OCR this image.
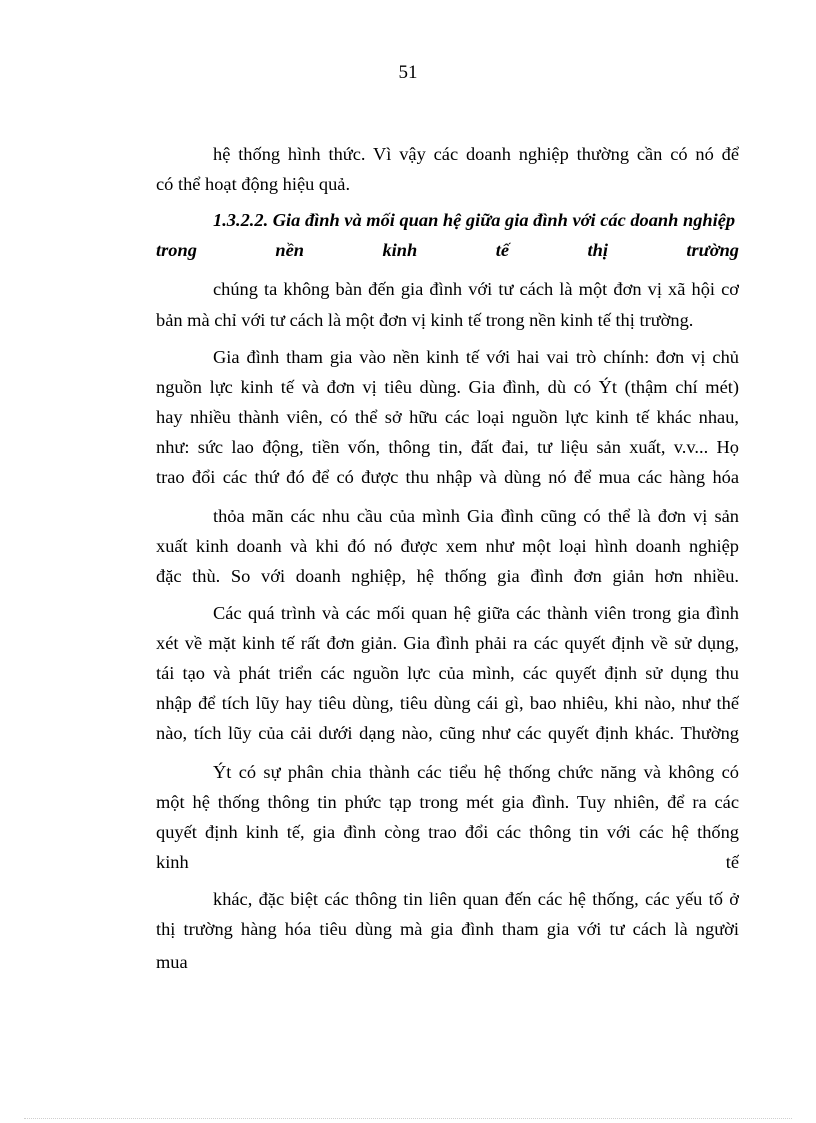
51
hệ thống hình thức. Vì vậy các doanh nghiệp thường cần có nó để
có thể hoạt động hiệu quả.
1.3.2.2. Gia đình và mối quan hệ giữa gia đình với các doanh nghiệp
trong nền kinh tế thị trường
chúng ta không bàn đến gia đình với tư cách là một đơn vị xã hội cơ
bản mà chỉ với tư cách là một đơn vị kinh tế trong nền kinh tế thị trường.
Gia đình tham gia vào nền kinh tế với hai vai trò chính: đơn vị chủ
nguồn lực kinh tế và đơn vị tiêu dùng. Gia đình, dù có Ýt (thậm chí mét)
hay nhiều thành viên, có thể sở hữu các loại nguồn lực kinh tế khác nhau,
như: sức lao động, tiền vốn, thông tin, đất đai, tư liệu sản xuất, v.v... Họ
trao đổi các thứ đó để có được thu nhập và dùng nó để mua các hàng hóa
thỏa mãn các nhu cầu của mình Gia đình cũng có thể là đơn vị sản
xuất kinh doanh và khi đó nó được xem như một loại hình doanh nghiệp
đặc thù. So với doanh nghiệp, hệ thống gia đình đơn giản hơn nhiều.
Các quá trình và các mối quan hệ giữa các thành viên trong gia đình
xét về mặt kinh tế rất đơn giản. Gia đình phải ra các quyết định về sử dụng,
tái tạo và phát triển các nguồn lực của mình, các quyết định sử dụng thu
nhập để tích lũy hay tiêu dùng, tiêu dùng cái gì, bao nhiêu, khi nào, như thế
nào, tích lũy của cải dưới dạng nào, cũng như các quyết định khác. Thường
Ýt có sự phân chia thành các tiểu hệ thống chức năng và không có
một hệ thống thông tin phức tạp trong mét gia đình. Tuy nhiên, để ra các
quyết định kinh tế, gia đình còng trao đổi các thông tin với các hệ thống
kinh tế
khác, đặc biệt các thông tin liên quan đến các hệ thống, các yếu tố ở
thị trường hàng hóa tiêu dùng mà gia đình tham gia với tư cách là người
mua
